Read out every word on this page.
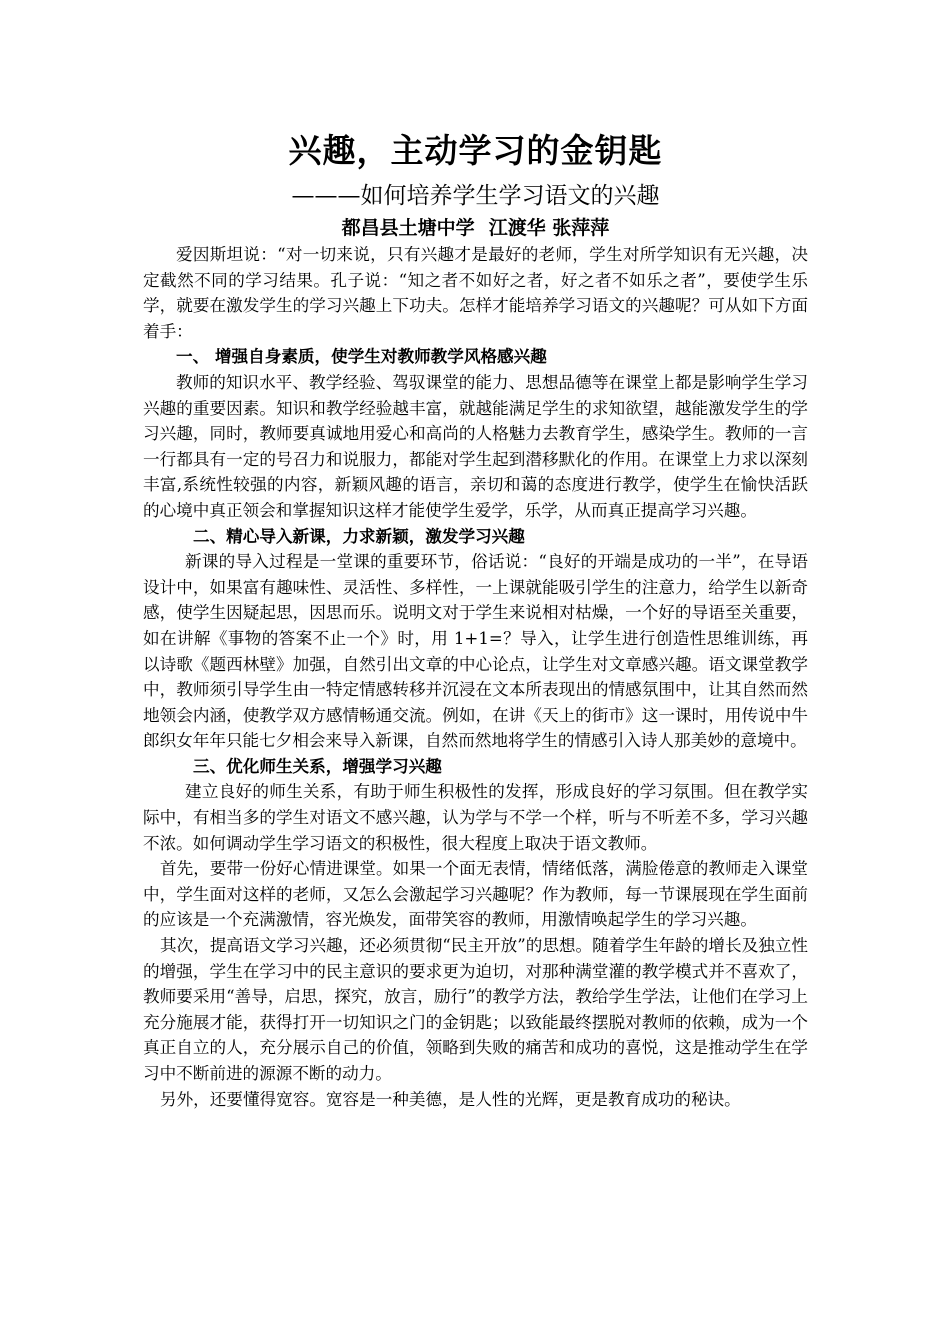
兴趣，主动学习的金钥匙
———如何培养学生学习语文的兴趣
都昌县土塘中学 江渡华 张萍萍

爱因斯坦说：“对一切来说，只有兴趣才是最好的老师，学生对所学知识有无兴趣，决定截然不同的学习结果。孔子说：“知之者不如好之者，好之者不如乐之者”，要使学生乐学，就要在激发学生的学习兴趣上下功夫。怎样才能培养学习语文的兴趣呢？可从如下方面着手：

一、 增强自身素质，使学生对教师教学风格感兴趣

教师的知识水平、教学经验、驾驭课堂的能力、思想品德等在课堂上都是影响学生学习兴趣的重要因素。知识和教学经验越丰富，就越能满足学生的求知欲望，越能激发学生的学习兴趣，同时，教师要真诚地用爱心和高尚的人格魅力去教育学生，感染学生。教师的一言一行都具有一定的号召力和说服力，都能对学生起到潜移默化的作用。在课堂上力求以深刻丰富,系统性较强的内容，新颖风趣的语言，亲切和蔼的态度进行教学，使学生在愉快活跃的心境中真正领会和掌握知识这样才能使学生爱学，乐学，从而真正提高学习兴趣。

二、精心导入新课，力求新颖，激发学习兴趣

新课的导入过程是一堂课的重要环节，俗话说：“良好的开端是成功的一半”，在导语设计中，如果富有趣味性、灵活性、多样性，一上课就能吸引学生的注意力，给学生以新奇感，使学生因疑起思，因思而乐。说明文对于学生来说相对枯燥，一个好的导语至关重要，如在讲解《事物的答案不止一个》时，用 1+1=？导入，让学生进行创造性思维训练，再以诗歌《题西林壁》加强，自然引出文章的中心论点，让学生对文章感兴趣。语文课堂教学中，教师须引导学生由一特定情感转移并沉浸在文本所表现出的情感氛围中，让其自然而然地领会内涵，使教学双方感情畅通交流。例如，在讲《天上的街市》这一课时，用传说中牛郎织女年年只能七夕相会来导入新课，自然而然地将学生的情感引入诗人那美妙的意境中。

三、优化师生关系，增强学习兴趣

建立良好的师生关系，有助于师生积极性的发挥，形成良好的学习氛围。但在教学实际中，有相当多的学生对语文不感兴趣，认为学与不学一个样，听与不听差不多，学习兴趣不浓。如何调动学生学习语文的积极性，很大程度上取决于语文教师。

首先，要带一份好心情进课堂。如果一个面无表情，情绪低落，满脸倦意的教师走入课堂中，学生面对这样的老师，又怎么会激起学习兴趣呢？作为教师，每一节课展现在学生面前的应该是一个充满激情，容光焕发，面带笑容的教师，用激情唤起学生的学习兴趣。

其次，提高语文学习兴趣，还必须贯彻“民主开放”的思想。随着学生年龄的增长及独立性的增强，学生在学习中的民主意识的要求更为迫切，对那种满堂灌的教学模式并不喜欢了，教师要采用“善导，启思，探究，放言，励行”的教学方法，教给学生学法，让他们在学习上充分施展才能，获得打开一切知识之门的金钥匙；以致能最终摆脱对教师的依赖，成为一个真正自立的人，充分展示自己的价值，领略到失败的痛苦和成功的喜悦，这是推动学生在学习中不断前进的源源不断的动力。

另外，还要懂得宽容。宽容是一种美德，是人性的光辉，更是教育成功的秘诀。
